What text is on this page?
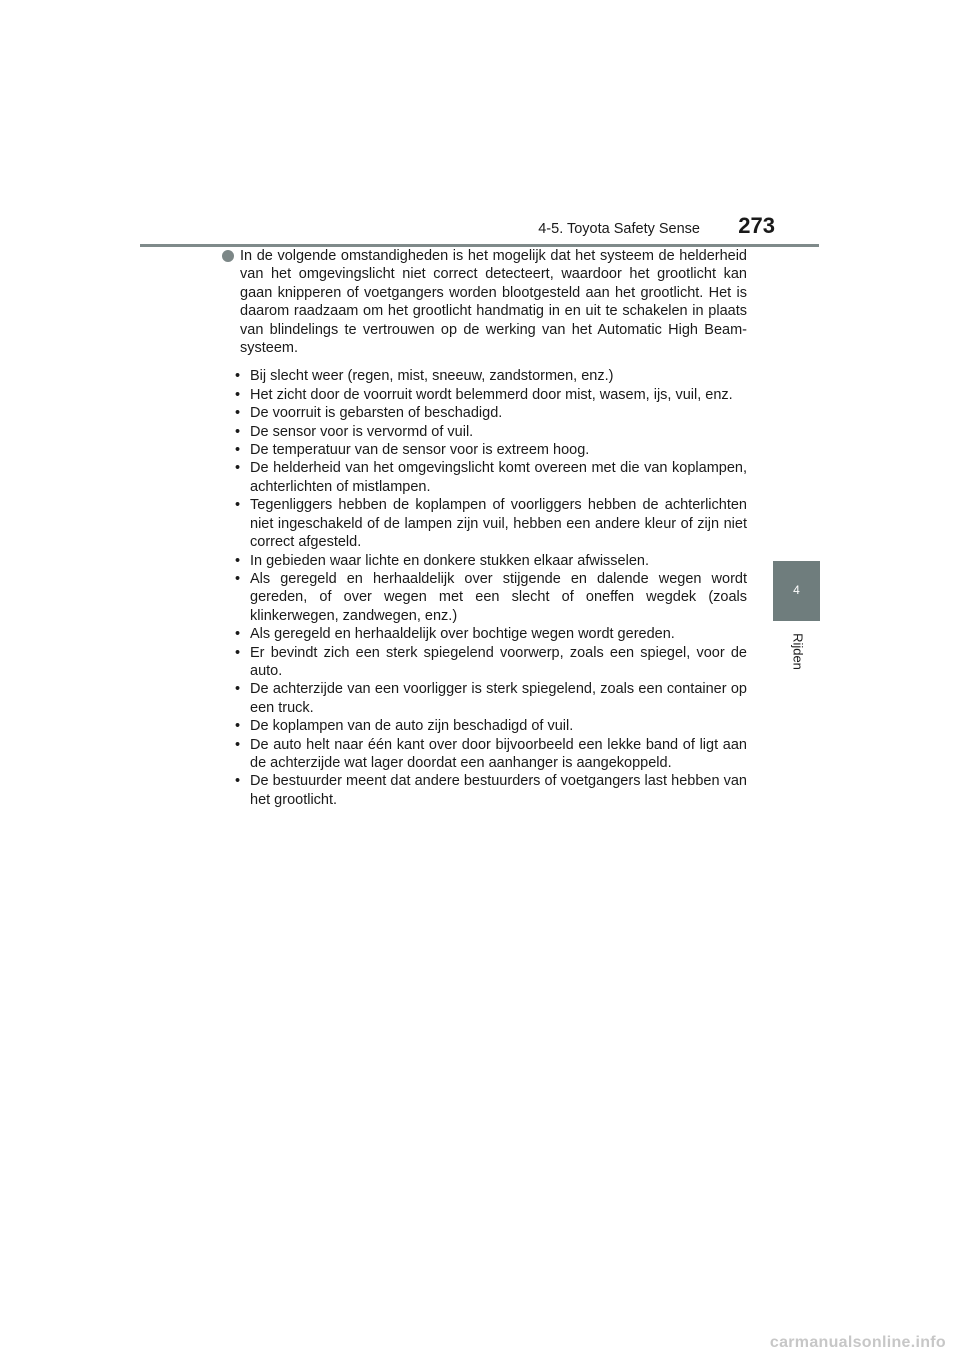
4-5. Toyota Safety Sense	273
4
Rijden
In de volgende omstandigheden is het mogelijk dat het systeem de helderheid van het omgevingslicht niet correct detecteert, waardoor het grootlicht kan gaan knipperen of voetgangers worden blootgesteld aan het grootlicht. Het is daarom raadzaam om het grootlicht handmatig in en uit te schakelen in plaats van blindelings te vertrouwen op de werking van het Automatic High Beam-systeem.
• Bij slecht weer (regen, mist, sneeuw, zandstormen, enz.)
• Het zicht door de voorruit wordt belemmerd door mist, wasem, ijs, vuil, enz.
• De voorruit is gebarsten of beschadigd.
• De sensor voor is vervormd of vuil.
• De temperatuur van de sensor voor is extreem hoog.
• De helderheid van het omgevingslicht komt overeen met die van koplampen, achterlichten of mistlampen.
• Tegenliggers hebben de koplampen of voorliggers hebben de achterlichten niet ingeschakeld of de lampen zijn vuil, hebben een andere kleur of zijn niet correct afgesteld.
• In gebieden waar lichte en donkere stukken elkaar afwisselen.
• Als geregeld en herhaaldelijk over stijgende en dalende wegen wordt gereden, of over wegen met een slecht of oneffen wegdek (zoals klinkerwegen, zandwegen, enz.)
• Als geregeld en herhaaldelijk over bochtige wegen wordt gereden.
• Er bevindt zich een sterk spiegelend voorwerp, zoals een spiegel, voor de auto.
• De achterzijde van een voorligger is sterk spiegelend, zoals een container op een truck.
• De koplampen van de auto zijn beschadigd of vuil.
• De auto helt naar één kant over door bijvoorbeeld een lekke band of ligt aan de achterzijde wat lager doordat een aanhanger is aangekoppeld.
• De bestuurder meent dat andere bestuurders of voetgangers last hebben van het grootlicht.
carmanualsonline.info
